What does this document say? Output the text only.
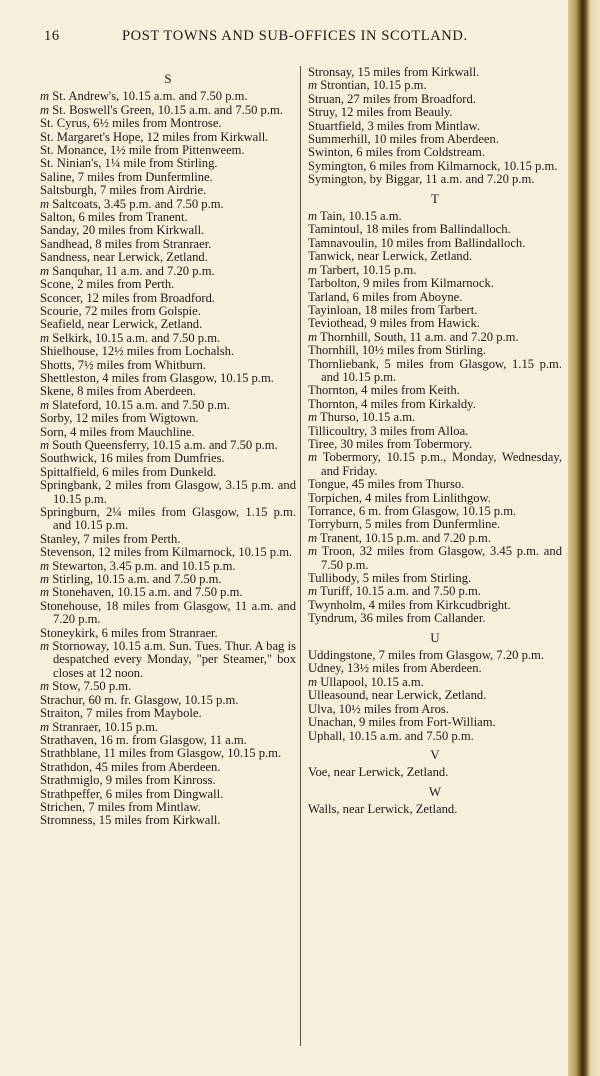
16	POST TOWNS AND SUB-OFFICES IN SCOTLAND.
S
m St. Andrew's, 10.15 a.m. and 7.50 p.m.
m St. Boswell's Green, 10.15 a.m. and 7.50 p.m.
St. Cyrus, 6½ miles from Montrose.
St. Margaret's Hope, 12 miles from Kirkwall.
St. Monance, 1½ mile from Pittenweem.
St. Ninian's, 1¼ mile from Stirling.
Saline, 7 miles from Dunfermline.
Saltsburgh, 7 miles from Airdrie.
m Saltcoats, 3.45 p.m. and 7.50 p.m.
Salton, 6 miles from Tranent.
Sanday, 20 miles from Kirkwall.
Sandhead, 8 miles from Stranraer.
Sandness, near Lerwick, Zetland.
m Sanquhar, 11 a.m. and 7.20 p.m.
Scone, 2 miles from Perth.
Sconcer, 12 miles from Broadford.
Scourie, 72 miles from Golspie.
Seafield, near Lerwick, Zetland.
m Selkirk, 10.15 a.m. and 7.50 p.m.
Shielhouse, 12½ miles from Lochalsh.
Shotts, 7½ miles from Whitburn.
Shettleston, 4 miles from Glasgow, 10.15 p.m.
Skene, 8 miles from Aberdeen.
m Slateford, 10.15 a.m. and 7.50 p.m.
Sorby, 12 miles from Wigtown.
Sorn, 4 miles from Mauchline.
m South Queensferry, 10.15 a.m. and 7.50 p.m.
Southwick, 16 miles from Dumfries.
Spittalfield, 6 miles from Dunkeld.
Springbank, 2 miles from Glasgow, 3.15 p.m. and 10.15 p.m.
Springburn, 2¼ miles from Glasgow, 1.15 p.m. and 10.15 p.m.
Stanley, 7 miles from Perth.
Stevenson, 12 miles from Kilmarnock, 10.15 p.m.
m Stewarton, 3.45 p.m. and 10.15 p.m.
m Stirling, 10.15 a.m. and 7.50 p.m.
m Stonehaven, 10.15 a.m. and 7.50 p.m.
Stonehouse, 18 miles from Glasgow, 11 a.m. and 7.20 p.m.
Stoneykirk, 6 miles from Stranraer.
m Stornoway, 10.15 a.m. Sun. Tues. Thur. A bag is despatched every Monday, "per Steamer," box closes at 12 noon.
m Stow, 7.50 p.m.
Strachur, 60 m. fr. Glasgow, 10.15 p.m.
Straiton, 7 miles from Maybole.
m Stranraer, 10.15 p.m.
Strathaven, 16 m. from Glasgow, 11 a.m.
Strathblane, 11 miles from Glasgow, 10.15 p.m.
Strathdon, 45 miles from Aberdeen.
Strathmiglo, 9 miles from Kinross.
Strathpeffer, 6 miles from Dingwall.
Strichen, 7 miles from Mintlaw.
Stromness, 15 miles from Kirkwall.
Stronsay, 15 miles from Kirkwall.
m Strontian, 10.15 p.m.
Struan, 27 miles from Broadford.
Struy, 12 miles from Beauly.
Stuartfield, 3 miles from Mintlaw.
Summerhill, 10 miles from Aberdeen.
Swinton, 6 miles from Coldstream.
Symington, 6 miles from Kilmarnock, 10.15 p.m.
Symington, by Biggar, 11 a.m. and 7.20 p.m.
T
m Tain, 10.15 a.m.
Tamintoul, 18 miles from Ballindalloch.
Tamnavoulin, 10 miles from Ballindalloch.
Tanwick, near Lerwick, Zetland.
m Tarbert, 10.15 p.m.
Tarbolton, 9 miles from Kilmarnock.
Tarland, 6 miles from Aboyne.
Tayinloan, 18 miles from Tarbert.
Teviothead, 9 miles from Hawick.
m Thornhill, South, 11 a.m. and 7.20 p.m.
Thornhill, 10½ miles from Stirling.
Thornliebank, 5 miles from Glasgow, 1.15 p.m. and 10.15 p.m.
Thornton, 4 miles from Keith.
Thornton, 4 miles from Kirkaldy.
m Thurso, 10.15 a.m.
Tillicoultry, 3 miles from Alloa.
Tiree, 30 miles from Tobermory.
m Tobermory, 10.15 p.m., Monday, Wednesday, and Friday.
Tongue, 45 miles from Thurso.
Torpichen, 4 miles from Linlithgow.
Torrance, 6 m. from Glasgow, 10.15 p.m.
Torryburn, 5 miles from Dunfermline.
m Tranent, 10.15 p.m. and 7.20 p.m.
m Troon, 32 miles from Glasgow, 3.45 p.m. and 7.50 p.m.
Tullibody, 5 miles from Stirling.
m Turiff, 10.15 a.m. and 7.50 p.m.
Twynholm, 4 miles from Kirkcudbright.
Tyndrum, 36 miles from Callander.
U
Uddingstone, 7 miles from Glasgow, 7.20 p.m.
Udney, 13½ miles from Aberdeen.
m Ullapool, 10.15 a.m.
Ulleasound, near Lerwick, Zetland.
Ulva, 10½ miles from Aros.
Unachan, 9 miles from Fort-William.
Uphall, 10.15 a.m. and 7.50 p.m.
V
Voe, near Lerwick, Zetland.
W
Walls, near Lerwick, Zetland.
